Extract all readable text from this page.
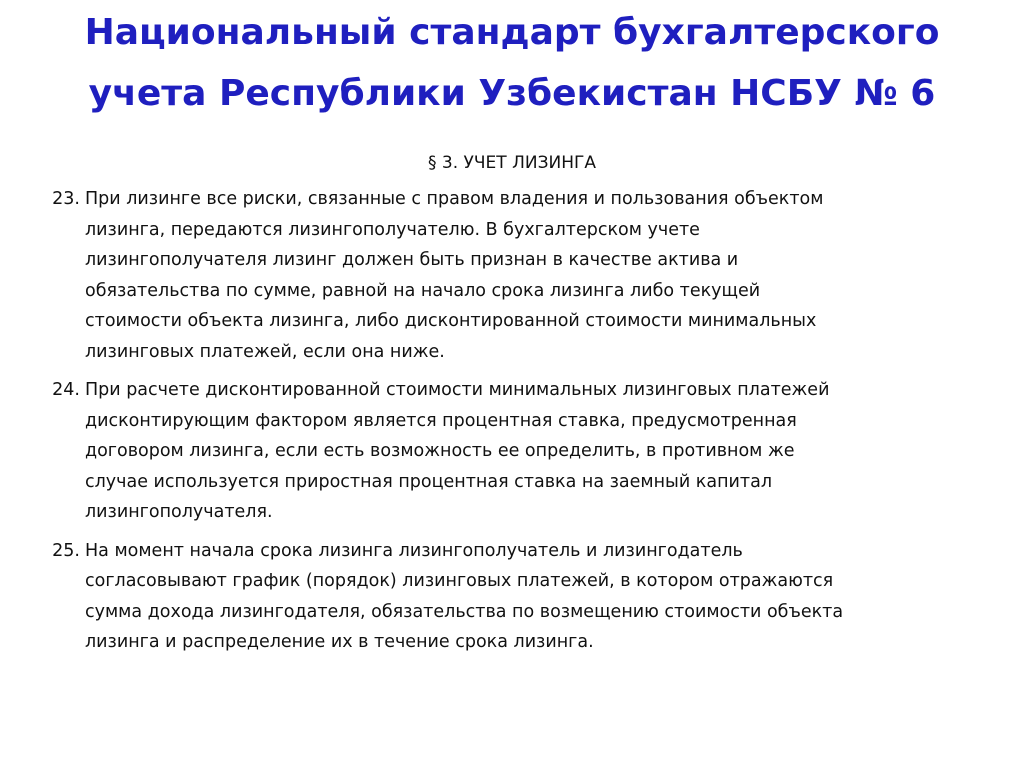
Национальный стандарт бухгалтерского
учета Республики Узбекистан НСБУ № 6
§ 3. УЧЕТ ЛИЗИНГА
23. При лизинге все риски, связанные с правом владения и пользования объектом
лизинга, передаются лизингополучателю. В бухгалтерском учете
лизингополучателя лизинг должен быть признан в качестве актива и
обязательства по сумме, равной на начало срока лизинга либо текущей
стоимости объекта лизинга, либо дисконтированной стоимости минимальных
лизинговых платежей, если она ниже.
24. При расчете дисконтированной стоимости минимальных лизинговых платежей
дисконтирующим фактором является процентная ставка, предусмотренная
договором лизинга, если есть возможность ее определить, в противном же
случае используется приростная процентная ставка на заемный капитал
лизингополучателя.
25. На момент начала срока лизинга лизингополучатель и лизингодатель
согласовывают график (порядок) лизинговых платежей, в котором отражаются
сумма дохода лизингодателя, обязательства по возмещению стоимости объекта
лизинга и распределение их в течение срока лизинга.
